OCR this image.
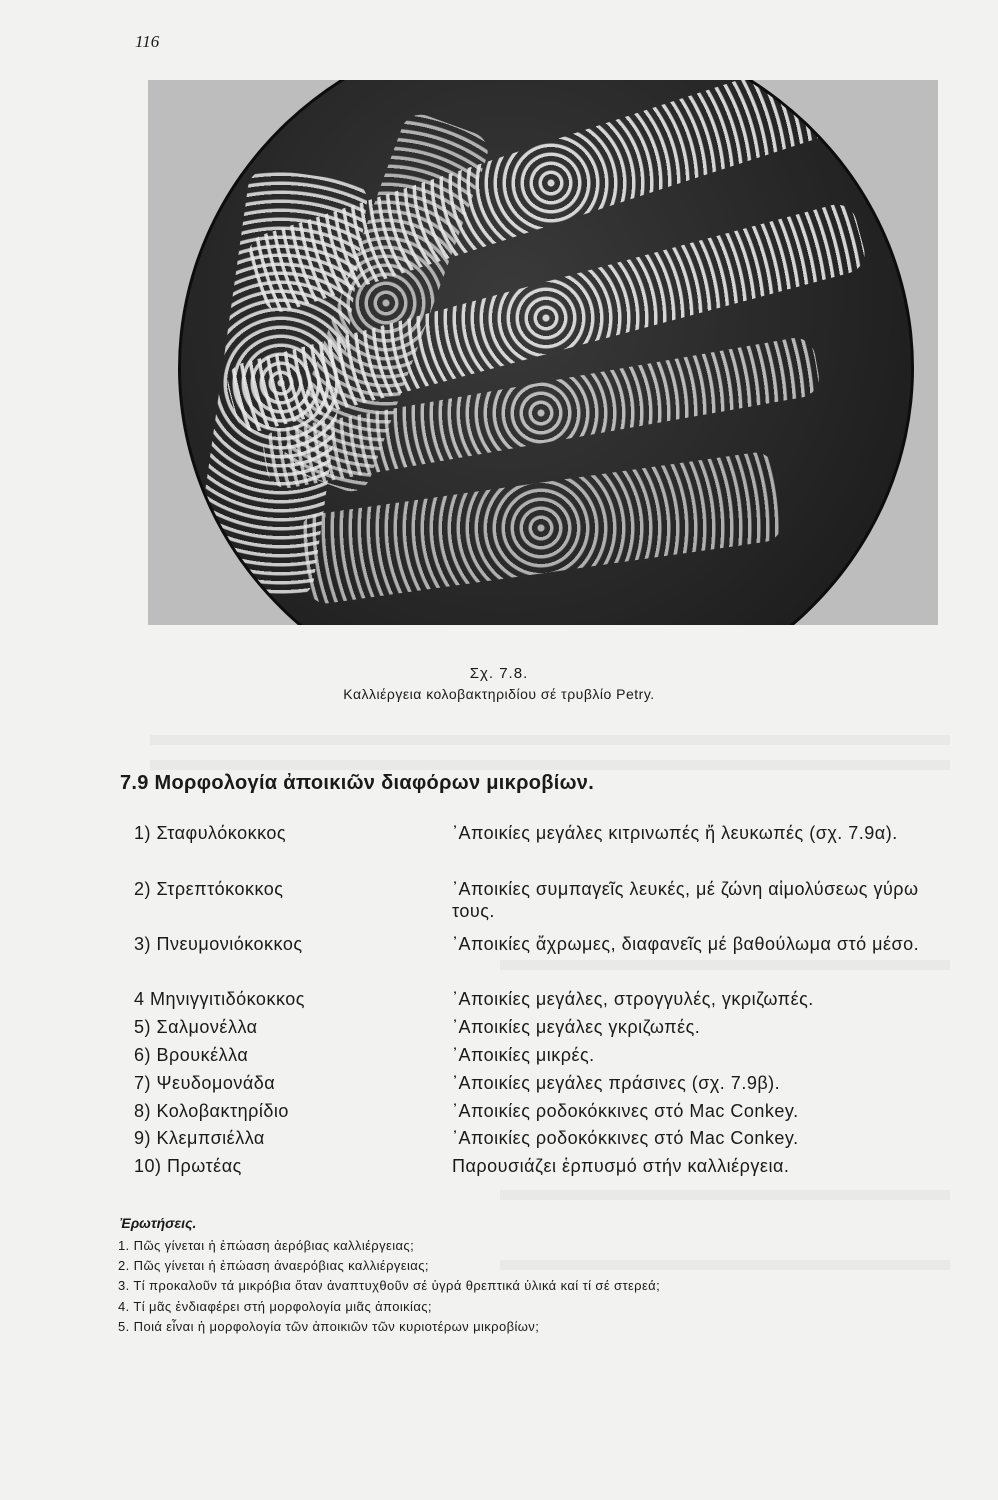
116
Σχ. 7.8.
Καλλιέργεια κολοβακτηριδίου σέ τρυβλίο Petry.
7.9 Μορφολογία ἀποικιῶν διαφόρων μικροβίων.
1) Σταφυλόκοκκος	᾿Αποικίες μεγάλες κιτρινωπές ἤ λευκωπές (σχ. 7.9α).
2) Στρεπτόκοκκος	᾿Αποικίες συμπαγεῖς λευκές, μέ ζώνη αἱμολύσεως γύρω τους.
3) Πνευμονιόκοκκος	᾿Αποικίες ἄχρωμες, διαφανεῖς μέ βαθούλωμα στό μέσο.
4 Μηνιγγιτιδόκοκκος	᾿Αποικίες μεγάλες, στρογγυλές, γκριζωπές.
5) Σαλμονέλλα	᾿Αποικίες μεγάλες γκριζωπές.
6) Βρουκέλλα	᾿Αποικίες μικρές.
7) Ψευδομονάδα	᾿Αποικίες μεγάλες πράσινες (σχ. 7.9β).
8) Κολοβακτηρίδιο	᾿Αποικίες ροδοκόκκινες στό Mac Conkey.
9) Κλεμπσιέλλα	᾿Αποικίες ροδοκόκκινες στό Mac Conkey.
10) Πρωτέας	Παρουσιάζει ἑρπυσμό στήν καλλιέργεια.
Ἐρωτήσεις.
1. Πῶς γίνεται ἡ ἐπώαση ἀερόβιας καλλιέργειας;
2. Πῶς γίνεται ἡ ἐπώαση ἀναερόβιας καλλιέργειας;
3. Τί προκαλοῦν τά μικρόβια ὅταν ἀναπτυχθοῦν σέ ὑγρά θρεπτικά ὑλικά καί τί σέ στερεά;
4. Τί μᾶς ἐνδιαφέρει στή μορφολογία μιᾶς ἀποικίας;
5. Ποιά εἶναι ἡ μορφολογία τῶν ἀποικιῶν τῶν κυριοτέρων μικροβίων;
